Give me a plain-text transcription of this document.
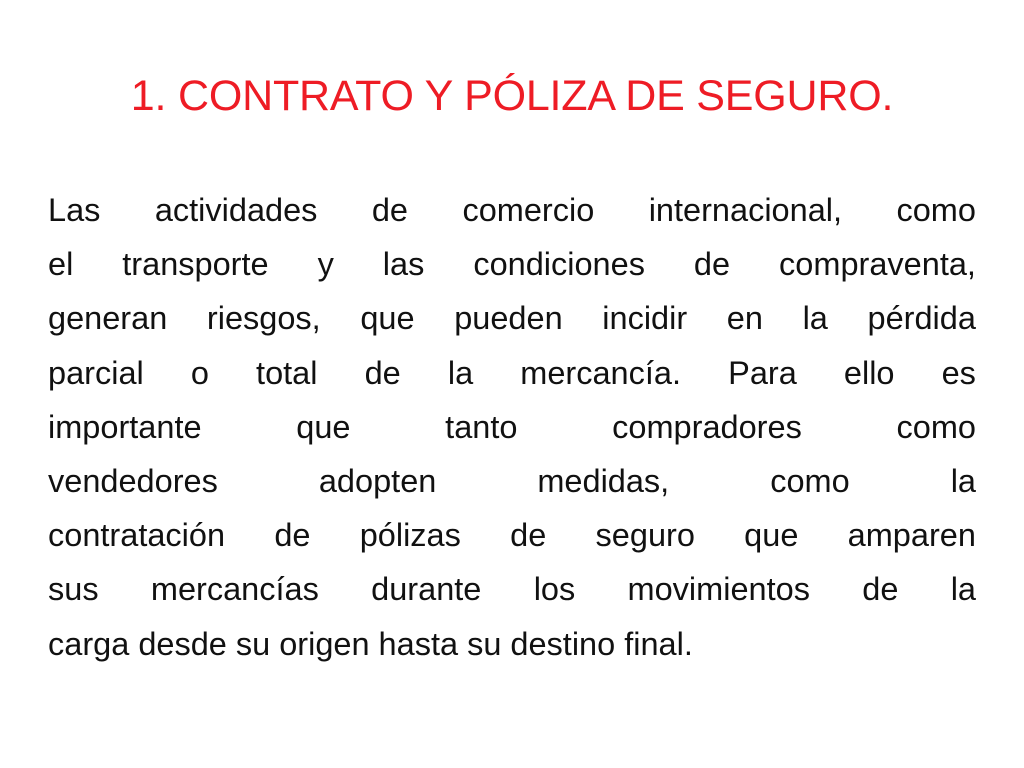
1. CONTRATO Y PÓLIZA DE SEGURO.
Las actividades de comercio internacional, como
el transporte y las condiciones de compraventa,
generan riesgos, que pueden incidir en la pérdida
parcial o total de la mercancía. Para ello es
importante	que	tanto	compradores	como
vendedores	adopten	medidas,	como	la
contratación de pólizas de seguro que amparen
sus mercancías durante los movimientos de la
carga desde su origen hasta su destino final.
